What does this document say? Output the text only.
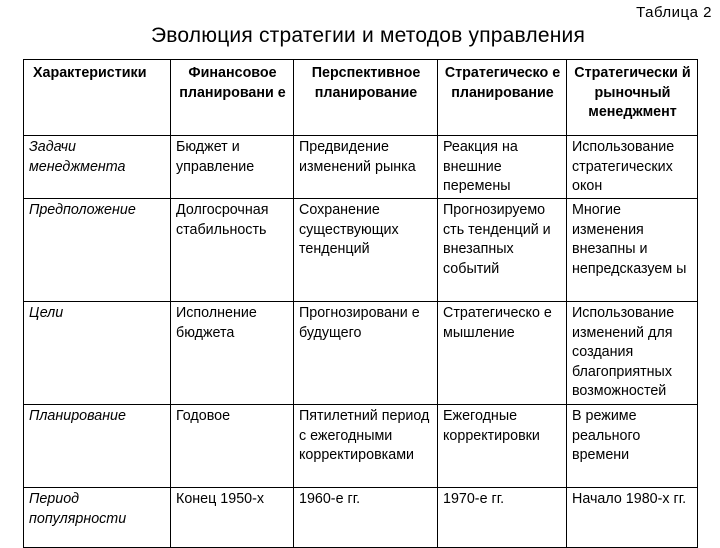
Таблица 2
Эволюция стратегии и методов управления
Характеристики	Финансовое планировани е	Перспективное планирование	Стратегическо е планирование	Стратегически й рыночный менеджмент
Задачи менеджмента	Бюджет и управление	Предвидение изменений рынка	Реакция на внешние перемены	Использование стратегических окон
Предположение	Долгосрочная стабильность	Сохранение существующих тенденций	Прогнозируемо сть тенденций и внезапных событий	Многие изменения внезапны и непредсказуем ы
Цели	Исполнение бюджета	Прогнозировани е будущего	Стратегическо е мышление	Использование изменений для создания благоприятных возможностей
Планирование	Годовое	Пятилетний период с ежегодными корректировками	Ежегодные корректировки	В режиме реального времени
Период популярности	Конец 1950-х	1960-е гг.	1970-е гг.	Начало 1980-х гг.
